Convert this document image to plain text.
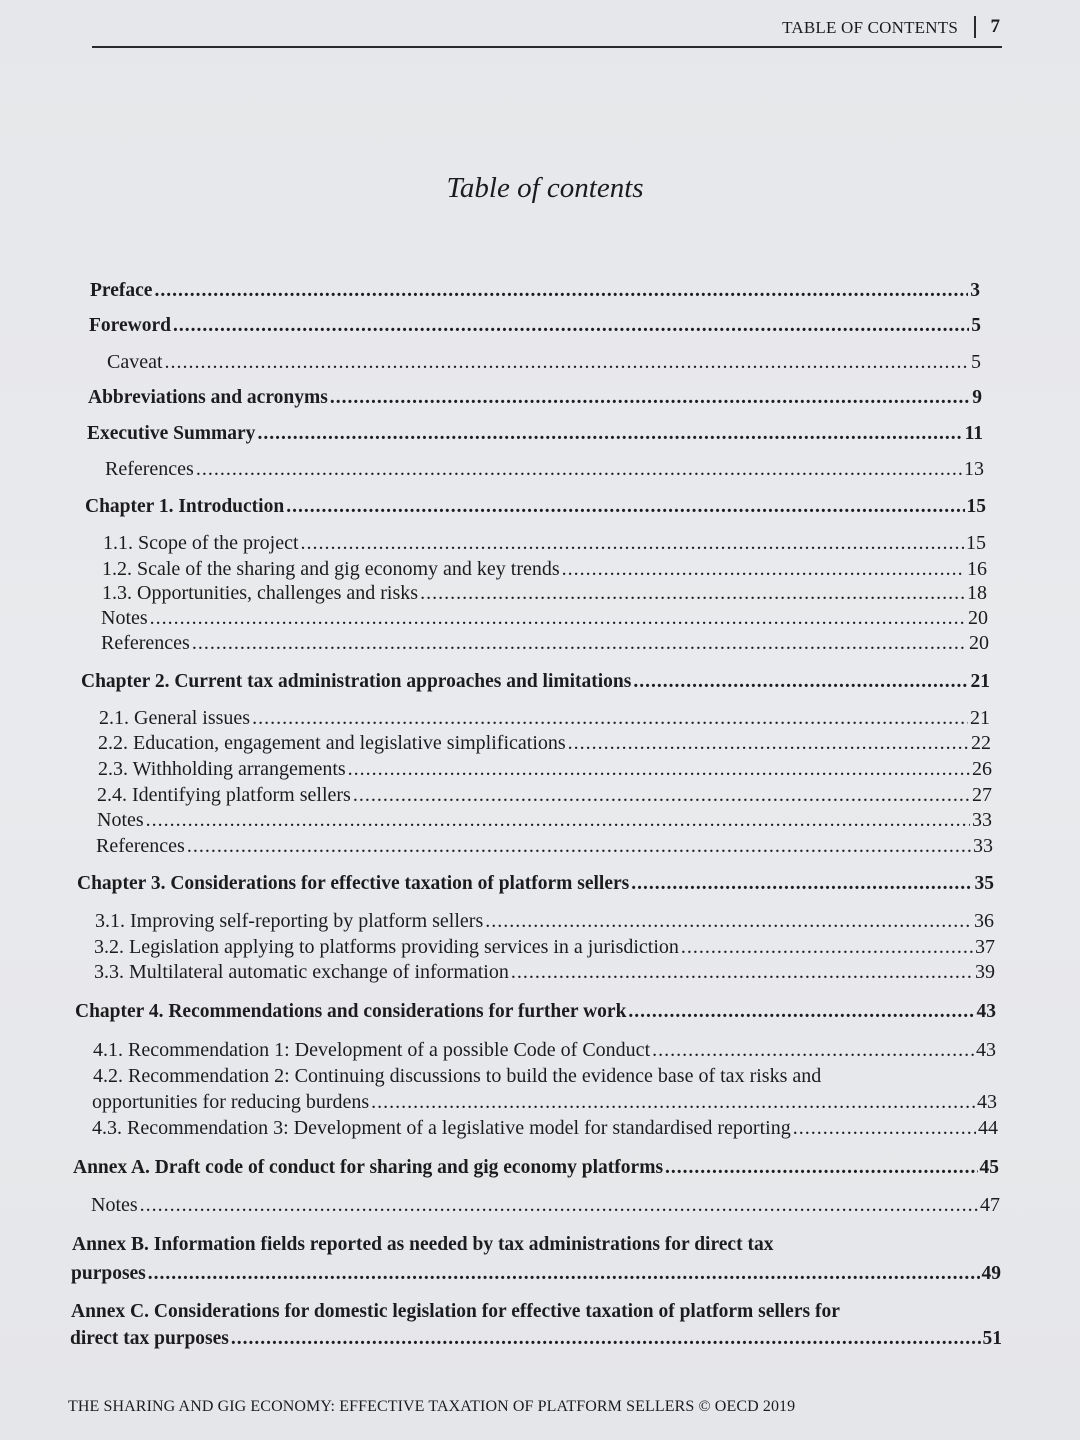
TABLE OF CONTENTS 7
Table of contents
Preface .....	3
Foreword .....	5
Caveat .....	5
Abbreviations and acronyms .....	9
Executive Summary .....	11
References .....	13
Chapter 1. Introduction .....	15
1.1. Scope of the project .....	15
1.2. Scale of the sharing and gig economy and key trends .....	16
1.3. Opportunities, challenges and risks .....	18
Notes .....	20
References .....	20
Chapter 2. Current tax administration approaches and limitations .....	21
2.1. General issues .....	21
2.2. Education, engagement and legislative simplifications .....	22
2.3. Withholding arrangements .....	26
2.4. Identifying platform sellers .....	27
Notes .....	33
References .....	33
Chapter 3. Considerations for effective taxation of platform sellers .....	35
3.1. Improving self-reporting by platform sellers .....	36
3.2. Legislation applying to platforms providing services in a jurisdiction .....	37
3.3. Multilateral automatic exchange of information .....	39
Chapter 4. Recommendations and considerations for further work .....	43
4.1. Recommendation 1: Development of a possible Code of Conduct .....	43
4.2. Recommendation 2: Continuing discussions to build the evidence base of tax risks and
opportunities for reducing burdens .....	43
4.3. Recommendation 3: Development of a legislative model for standardised reporting .....	44
Annex A. Draft code of conduct for sharing and gig economy platforms .....	45
Notes .....	47
Annex B. Information fields reported as needed by tax administrations for direct tax
purposes .....	49
Annex C. Considerations for domestic legislation for effective taxation of platform sellers for
direct tax purposes .....	51
THE SHARING AND GIG ECONOMY: EFFECTIVE TAXATION OF PLATFORM SELLERS © OECD 2019
